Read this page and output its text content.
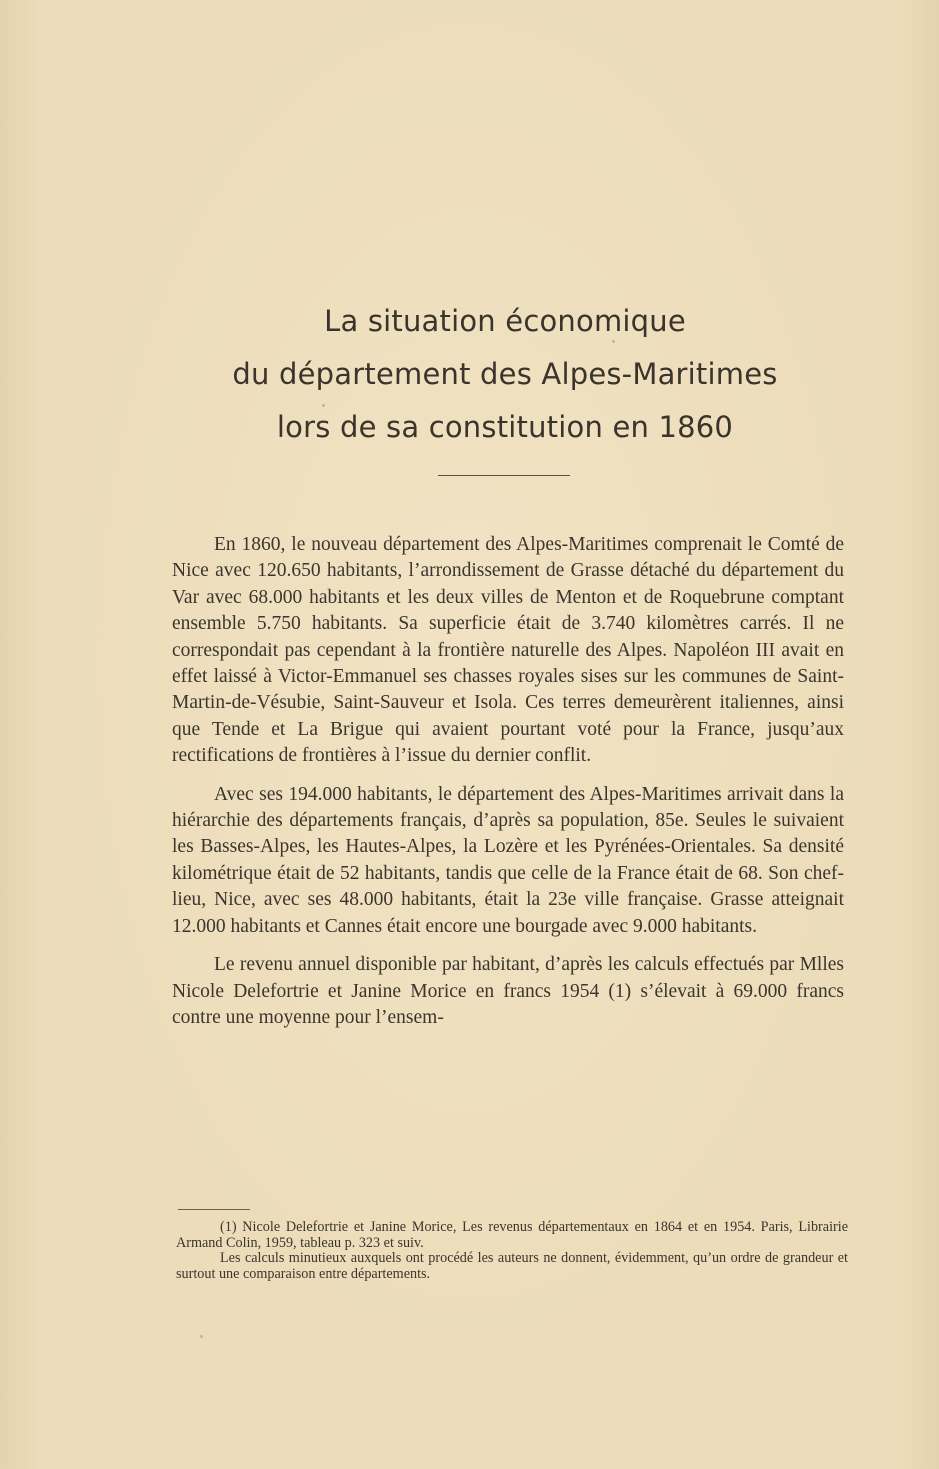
La situation économique
du département des Alpes-Maritimes
lors de sa constitution en 1860

En 1860, le nouveau département des Alpes-Maritimes comprenait le Comté de Nice avec 120.650 habitants, l’arrondissement de Grasse détaché du département du Var avec 68.000 habitants et les deux villes de Menton et de Roquebrune comptant ensemble 5.750 habitants. Sa superficie était de 3.740 kilomètres carrés. Il ne correspondait pas cependant à la frontière naturelle des Alpes. Napoléon III avait en effet laissé à Victor-Emmanuel ses chasses royales sises sur les communes de Saint-Martin-de-Vésubie, Saint-Sauveur et Isola. Ces terres demeurèrent italiennes, ainsi que Tende et La Brigue qui avaient pourtant voté pour la France, jusqu’aux rectifications de frontières à l’issue du dernier conflit.

Avec ses 194.000 habitants, le département des Alpes-Maritimes arrivait dans la hiérarchie des départements français, d’après sa population, 85e. Seules le suivaient les Basses-Alpes, les Hautes-Alpes, la Lozère et les Pyrénées-Orientales. Sa densité kilométrique était de 52 habitants, tandis que celle de la France était de 68. Son chef-lieu, Nice, avec ses 48.000 habitants, était la 23e ville française. Grasse atteignait 12.000 habitants et Cannes était encore une bourgade avec 9.000 habitants.

Le revenu annuel disponible par habitant, d’après les calculs effectués par Mlles Nicole Delefortrie et Janine Morice en francs 1954 (1) s’élevait à 69.000 francs contre une moyenne pour l’ensem-

(1) Nicole Delefortrie et Janine Morice, Les revenus départementaux en 1864 et en 1954. Paris, Librairie Armand Colin, 1959, tableau p. 323 et suiv.

Les calculs minutieux auxquels ont procédé les auteurs ne donnent, évidemment, qu’un ordre de grandeur et surtout une comparaison entre départements.
